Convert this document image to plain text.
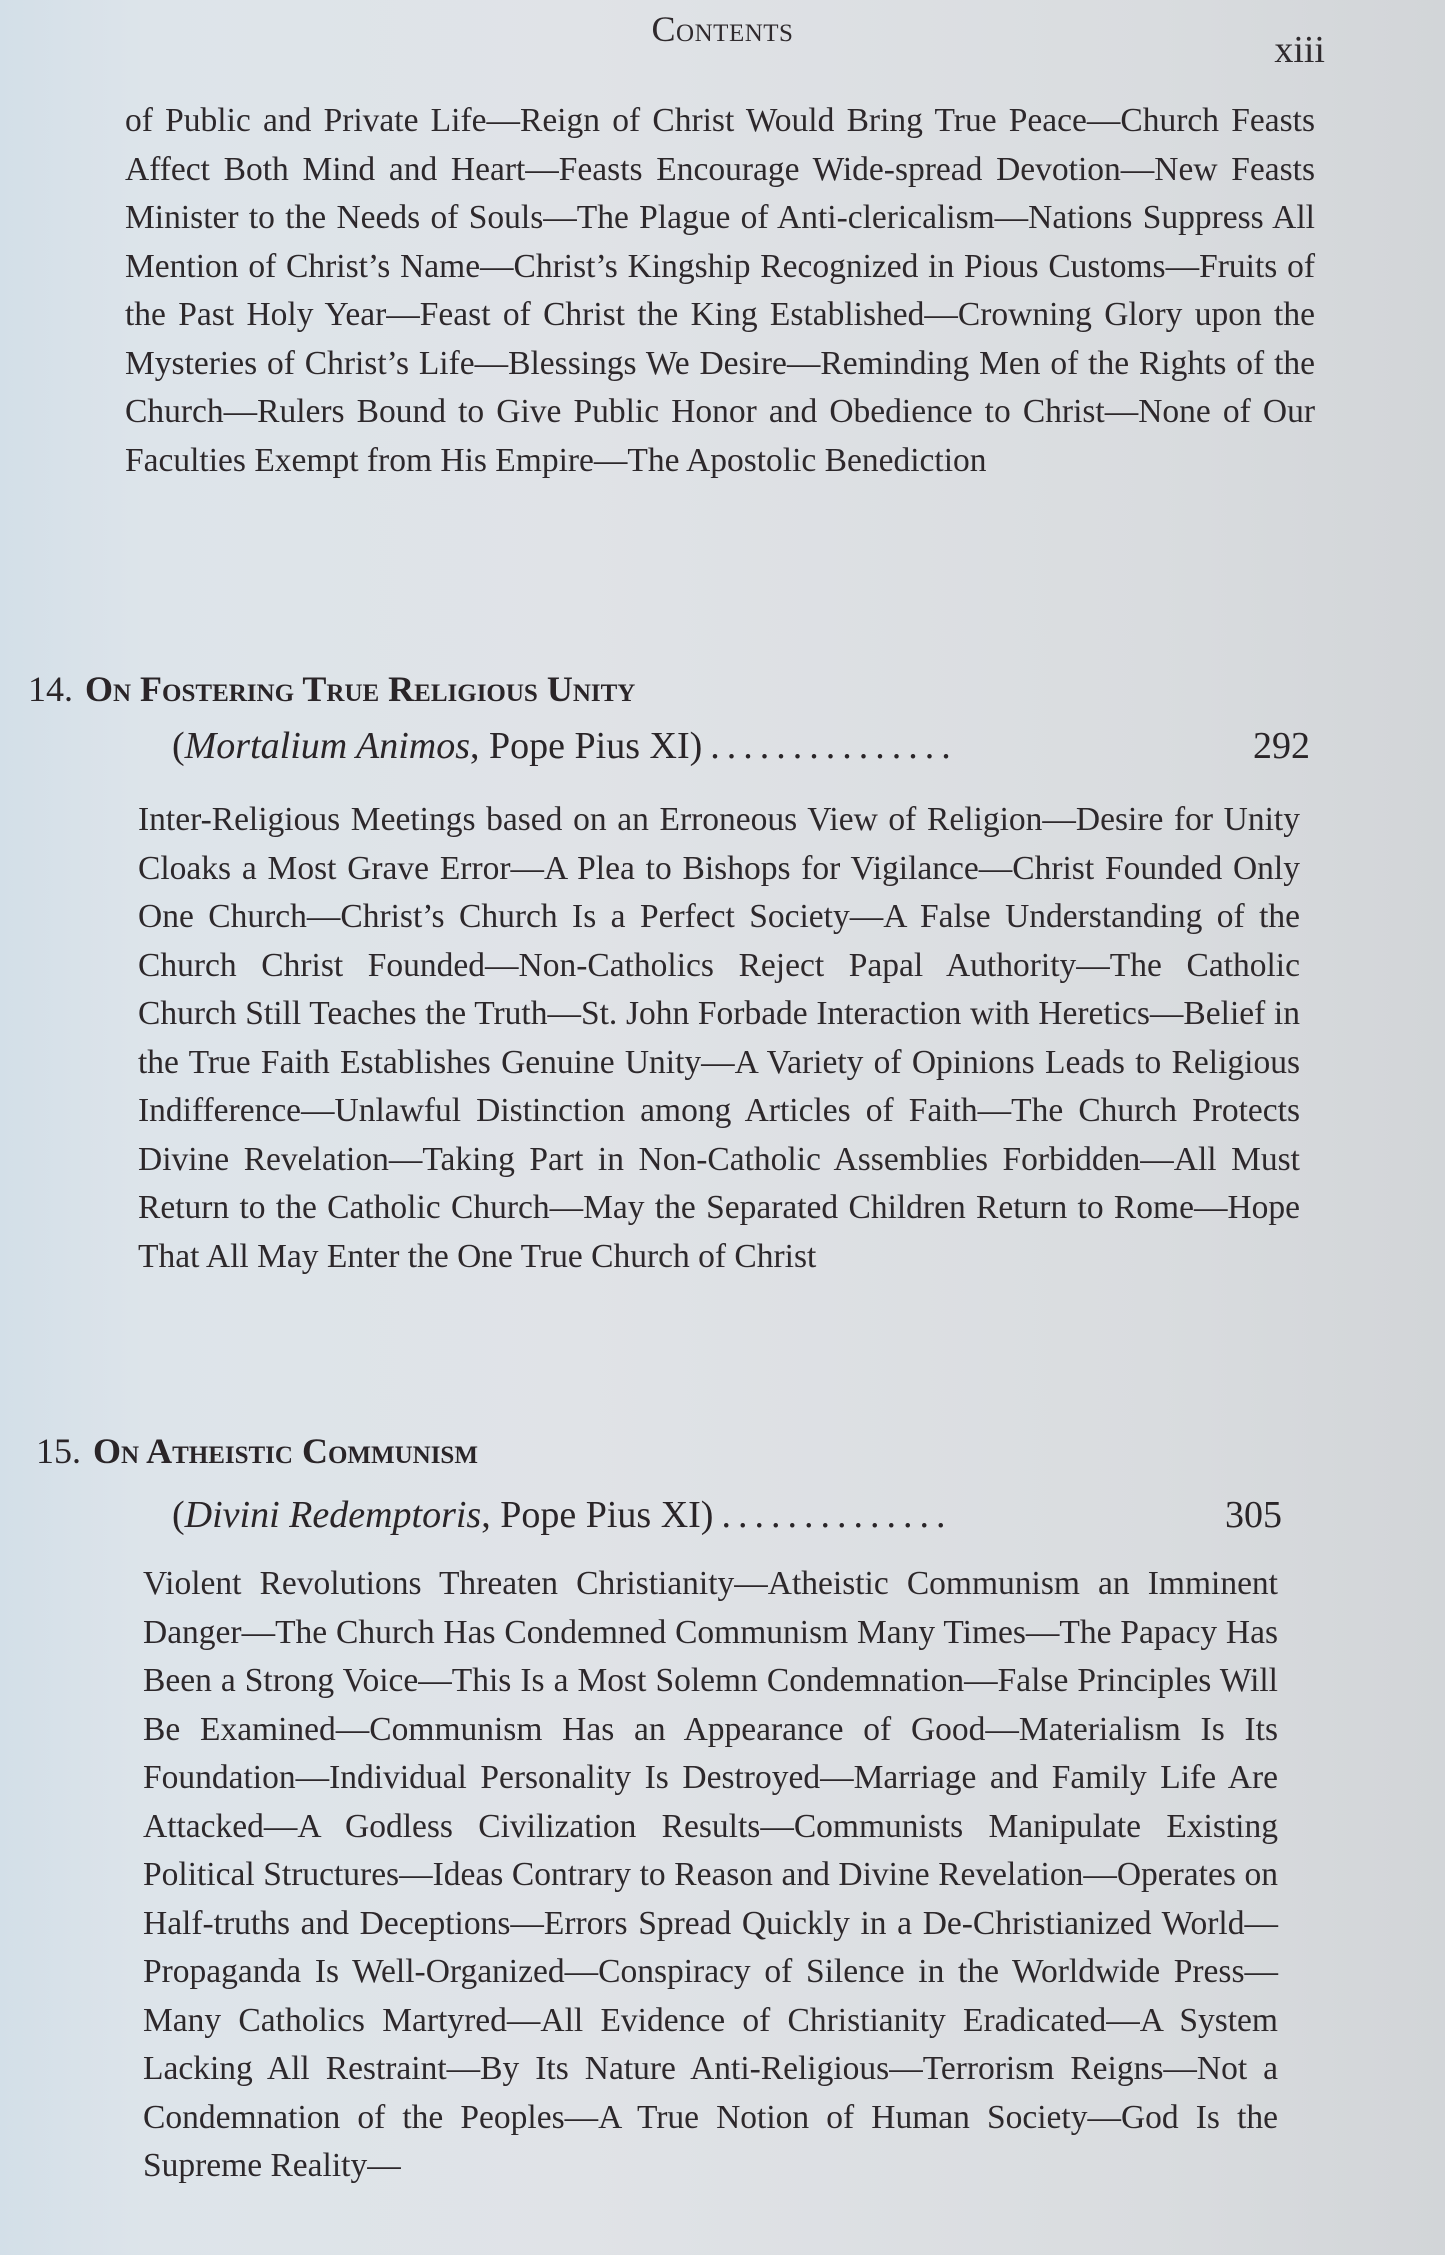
Contents	xiii

of Public and Private Life—Reign of Christ Would Bring True Peace—Church Feasts Affect Both Mind and Heart—Feasts Encourage Wide-spread Devotion—New Feasts Minister to the Needs of Souls—The Plague of Anti-clericalism—Nations Suppress All Mention of Christ’s Name—Christ’s Kingship Recognized in Pious Customs—Fruits of the Past Holy Year—Feast of Christ the King Established—Crowning Glory upon the Mysteries of Christ’s Life—Blessings We Desire—Reminding Men of the Rights of the Church—Rulers Bound to Give Public Honor and Obedience to Christ—None of Our Faculties Exempt from His Empire—The Apostolic Benediction

14. On Fostering True Religious Unity
( Mortalium Animos , Pope Pius XI) ...............	292

Inter-Religious Meetings based on an Erroneous View of Religion—Desire for Unity Cloaks a Most Grave Error—A Plea to Bishops for Vigilance—Christ Founded Only One Church—Christ’s Church Is a Perfect Society—A False Understanding of the Church Christ Founded—Non-Catholics Reject Papal Authority—The Catholic Church Still Teaches the Truth—St. John Forbade Interaction with Heretics—Belief in the True Faith Establishes Genuine Unity—A Variety of Opinions Leads to Religious Indifference—Unlawful Distinction among Articles of Faith—The Church Protects Divine Revelation—Taking Part in Non-Catholic Assemblies Forbidden—All Must Return to the Catholic Church—May the Separated Children Return to Rome—Hope That All May Enter the One True Church of Christ

15. On Atheistic Communism
( Divini Redemptoris , Pope Pius XI) ..............	305

Violent Revolutions Threaten Christianity—Atheistic Communism an Imminent Danger—The Church Has Condemned Communism Many Times—The Papacy Has Been a Strong Voice—This Is a Most Solemn Condemnation—False Principles Will Be Examined—Communism Has an Appearance of Good—Materialism Is Its Foundation—Individual Personality Is Destroyed—Marriage and Family Life Are Attacked—A Godless Civilization Results—Communists Manipulate Existing Political Structures—Ideas Contrary to Reason and Divine Revelation—Operates on Half-truths and Deceptions—Errors Spread Quickly in a De-Christianized World—Propaganda Is Well-Organized—Conspiracy of Silence in the Worldwide Press—Many Catholics Martyred—All Evidence of Christianity Eradicated—A System Lacking All Restraint—By Its Nature Anti-Religious—Terrorism Reigns—Not a Condemnation of the Peoples—A True Notion of Human Society—God Is the Supreme Reality—
